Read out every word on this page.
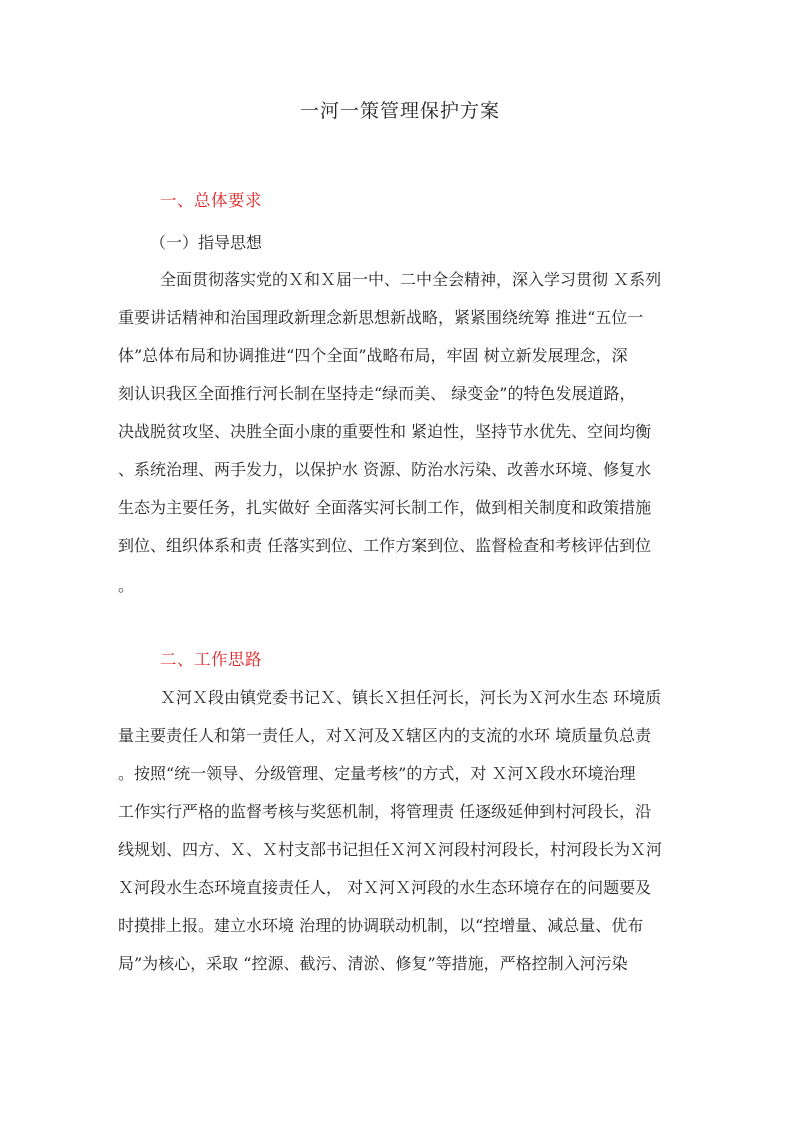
一河一策管理保护方案
一、总体要求
（一）指导思想
全面贯彻落实党的Ｘ和Ｘ届一中、二中全会精神，深入学习贯彻 Ｘ系列
重要讲话精神和治国理政新理念新思想新战略，紧紧围绕统筹 推进“五位一
体”总体布局和协调推进“四个全面”战略布局，牢固 树立新发展理念，深
刻认识我区全面推行河长制在坚持走“绿而美、 绿变金”的特色发展道路，
决战脱贫攻坚、决胜全面小康的重要性和 紧迫性，坚持节水优先、空间均衡
、系统治理、两手发力，以保护水 资源、防治水污染、改善水环境、修复水
生态为主要任务，扎实做好 全面落实河长制工作，做到相关制度和政策措施
到位、组织体系和责 任落实到位、工作方案到位、监督检查和考核评估到位
。
二、工作思路
Ｘ河Ｘ段由镇党委书记Ｘ、镇长Ｘ担任河长，河长为Ｘ河水生态 环境质
量主要责任人和第一责任人，对Ｘ河及Ｘ辖区内的支流的水环 境质量负总责
。按照“统一领导、分级管理、定量考核”的方式，对 Ｘ河Ｘ段水环境治理
工作实行严格的监督考核与奖惩机制，将管理责 任逐级延伸到村河段长，沿
线规划、四方、Ｘ、Ｘ村支部书记担任Ｘ河Ｘ河段村河段长，村河段长为Ｘ河
Ｘ河段水生态环境直接责任人， 对Ｘ河Ｘ河段的水生态环境存在的问题要及
时摸排上报。建立水环境 治理的协调联动机制，以“控增量、减总量、优布
局”为核心，采取 “控源、截污、清淤、修复”等措施，严格控制入河污染
